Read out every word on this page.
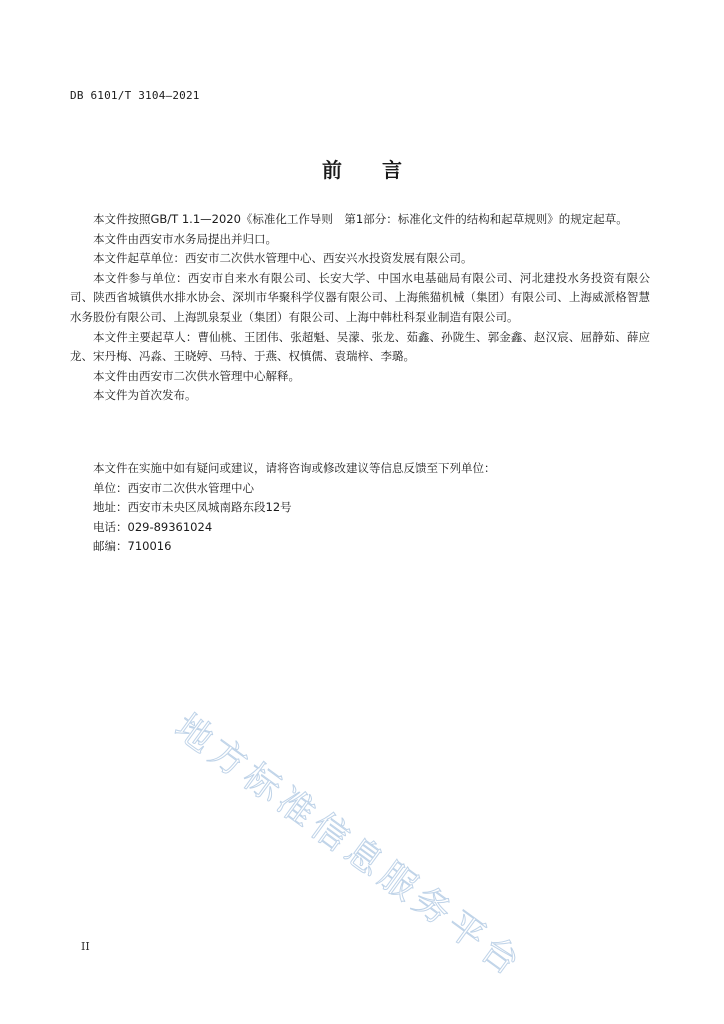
DB 6101/T 3104—2021
前 言

本文件按照GB/T 1.1—2020《标准化工作导则　第1部分：标准化文件的结构和起草规则》的规定起草。

本文件由西安市水务局提出并归口。

本文件起草单位：西安市二次供水管理中心、西安兴水投资发展有限公司。

本文件参与单位：西安市自来水有限公司、长安大学、中国水电基础局有限公司、河北建投水务投资有限公司、陕西省城镇供水排水协会、深圳市华聚科学仪器有限公司、上海熊猫机械（集团）有限公司、上海威派格智慧水务股份有限公司、上海凯泉泵业（集团）有限公司、上海中韩杜科泵业制造有限公司。

本文件主要起草人：曹仙桃、王团伟、张超魁、吴濛、张龙、茹鑫、孙陇生、郭金鑫、赵汉宸、屈静茹、薛应龙、宋丹梅、冯淼、王晓婷、马特、于燕、权慎儒、袁瑞梓、李璐。

本文件由西安市二次供水管理中心解释。

本文件为首次发布。

本文件在实施中如有疑问或建议，请将咨询或修改建议等信息反馈至下列单位：

单位：西安市二次供水管理中心

地址：西安市未央区凤城南路东段12号

电话：029-89361024

邮编：710016

地方标准信息服务平台
II
